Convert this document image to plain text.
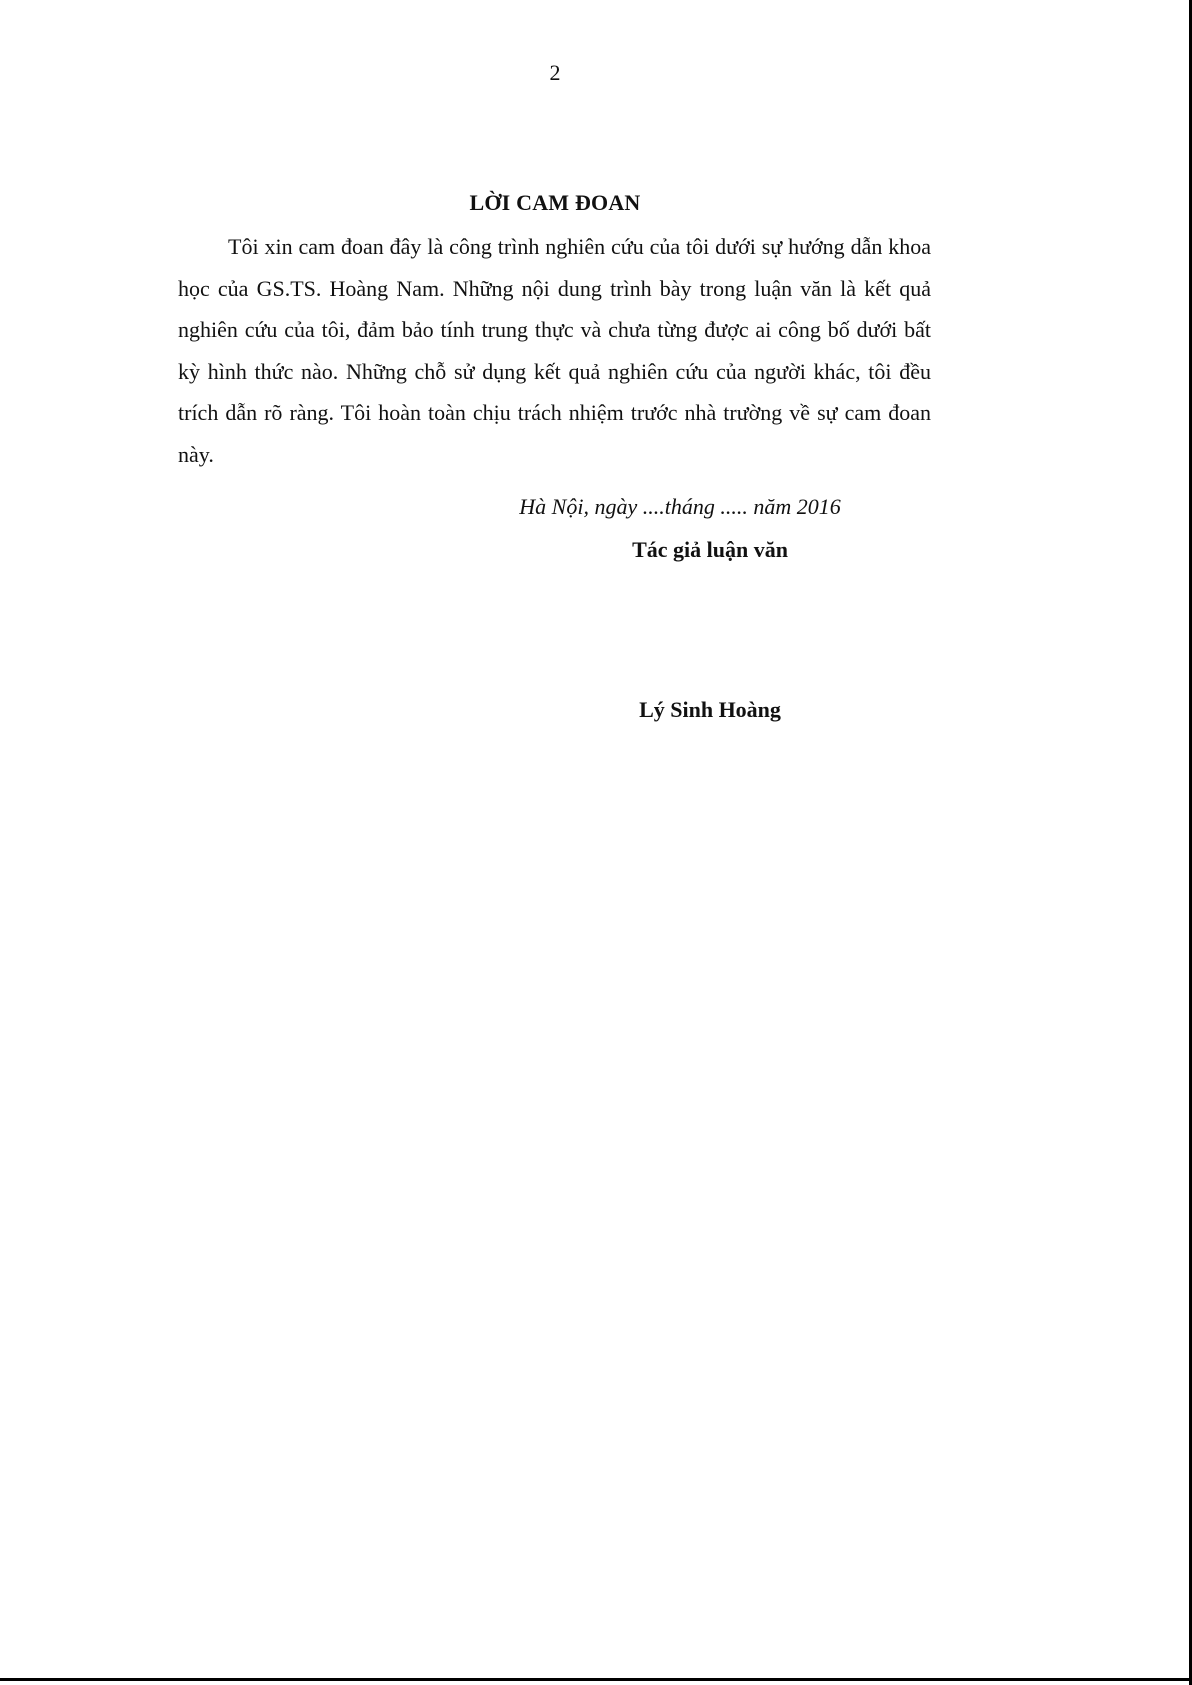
2
LỜI CAM ĐOAN

Tôi xin cam đoan đây là công trình nghiên cứu của tôi dưới sự hướng dẫn khoa học của GS.TS. Hoàng Nam. Những nội dung trình bày trong luận văn là kết quả nghiên cứu của tôi, đảm bảo tính trung thực và chưa từng được ai công bố dưới bất kỳ hình thức nào. Những chỗ sử dụng kết quả nghiên cứu của người khác, tôi đều trích dẫn rõ ràng. Tôi hoàn toàn chịu trách nhiệm trước nhà trường về sự cam đoan này.

Hà Nội, ngày ....tháng ..... năm 2016
Tác giả luận văn
Lý Sinh Hoàng
